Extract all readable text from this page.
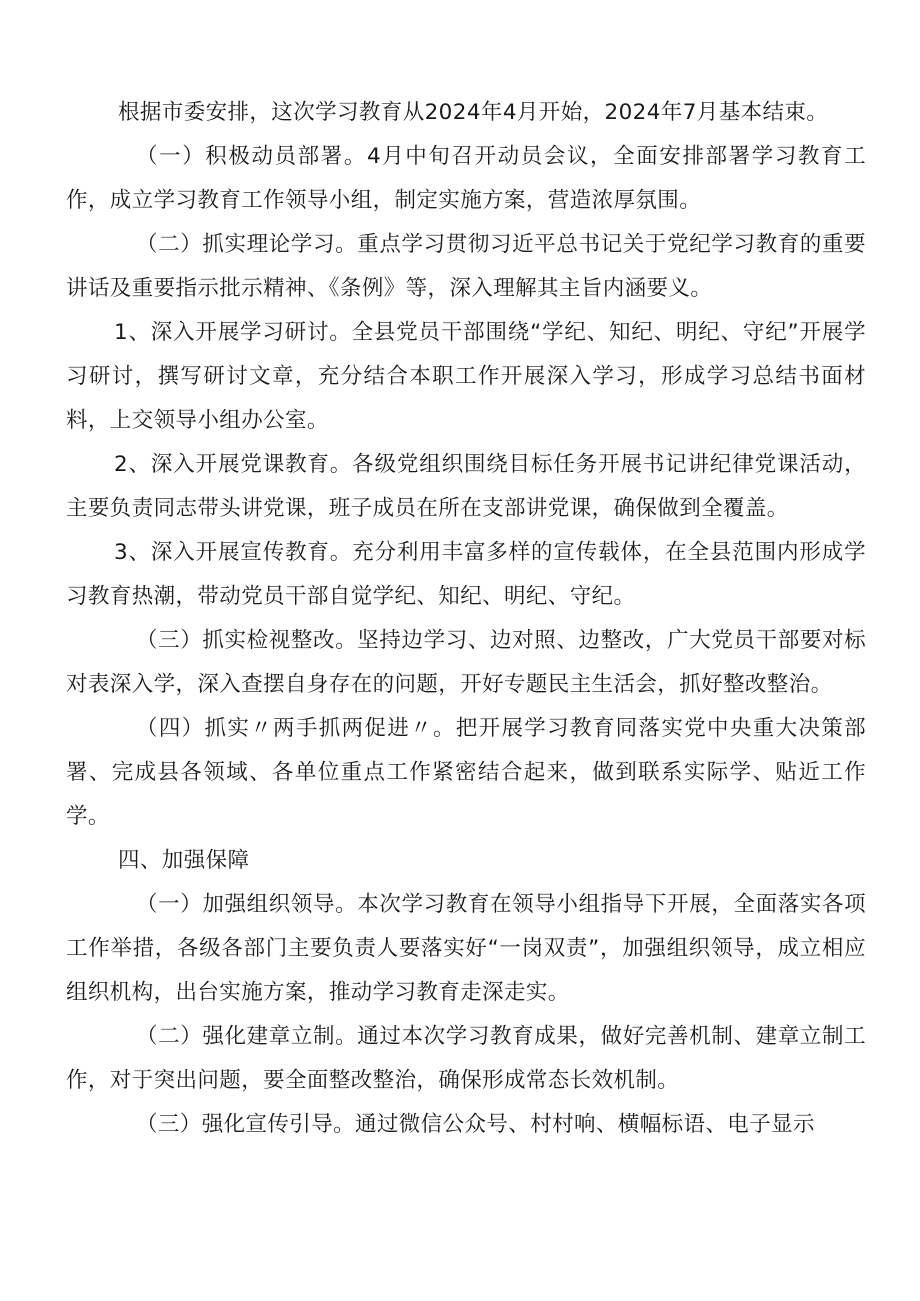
根据市委安排，这次学习教育从2024年4月开始，2024年7月基本结束。

（一）积极动员部署。4月中旬召开动员会议，全面安排部署学习教育工作，成立学习教育工作领导小组，制定实施方案，营造浓厚氛围。

（二）抓实理论学习。重点学习贯彻习近平总书记关于党纪学习教育的重要讲话及重要指示批示精神、《条例》等，深入理解其主旨内涵要义。

1、深入开展学习研讨。全县党员干部围绕“学纪、知纪、明纪、守纪”开展学习研讨，撰写研讨文章，充分结合本职工作开展深入学习，形成学习总结书面材料，上交领导小组办公室。

2、深入开展党课教育。各级党组织围绕目标任务开展书记讲纪律党课活动，主要负责同志带头讲党课，班子成员在所在支部讲党课，确保做到全覆盖。

3、深入开展宣传教育。充分利用丰富多样的宣传载体，在全县范围内形成学习教育热潮，带动党员干部自觉学纪、知纪、明纪、守纪。

（三）抓实检视整改。坚持边学习、边对照、边整改，广大党员干部要对标对表深入学，深入查摆自身存在的问题，开好专题民主生活会，抓好整改整治。

（四）抓实〃两手抓两促进〃。把开展学习教育同落实党中央重大决策部署、完成县各领域、各单位重点工作紧密结合起来，做到联系实际学、贴近工作学。

四、加强保障

（一）加强组织领导。本次学习教育在领导小组指导下开展，全面落实各项工作举措，各级各部门主要负责人要落实好“一岗双责”，加强组织领导，成立相应组织机构，出台实施方案，推动学习教育走深走实。

（二）强化建章立制。通过本次学习教育成果，做好完善机制、建章立制工作，对于突出问题，要全面整改整治，确保形成常态长效机制。

（三）强化宣传引导。通过微信公众号、村村响、横幅标语、电子显示
